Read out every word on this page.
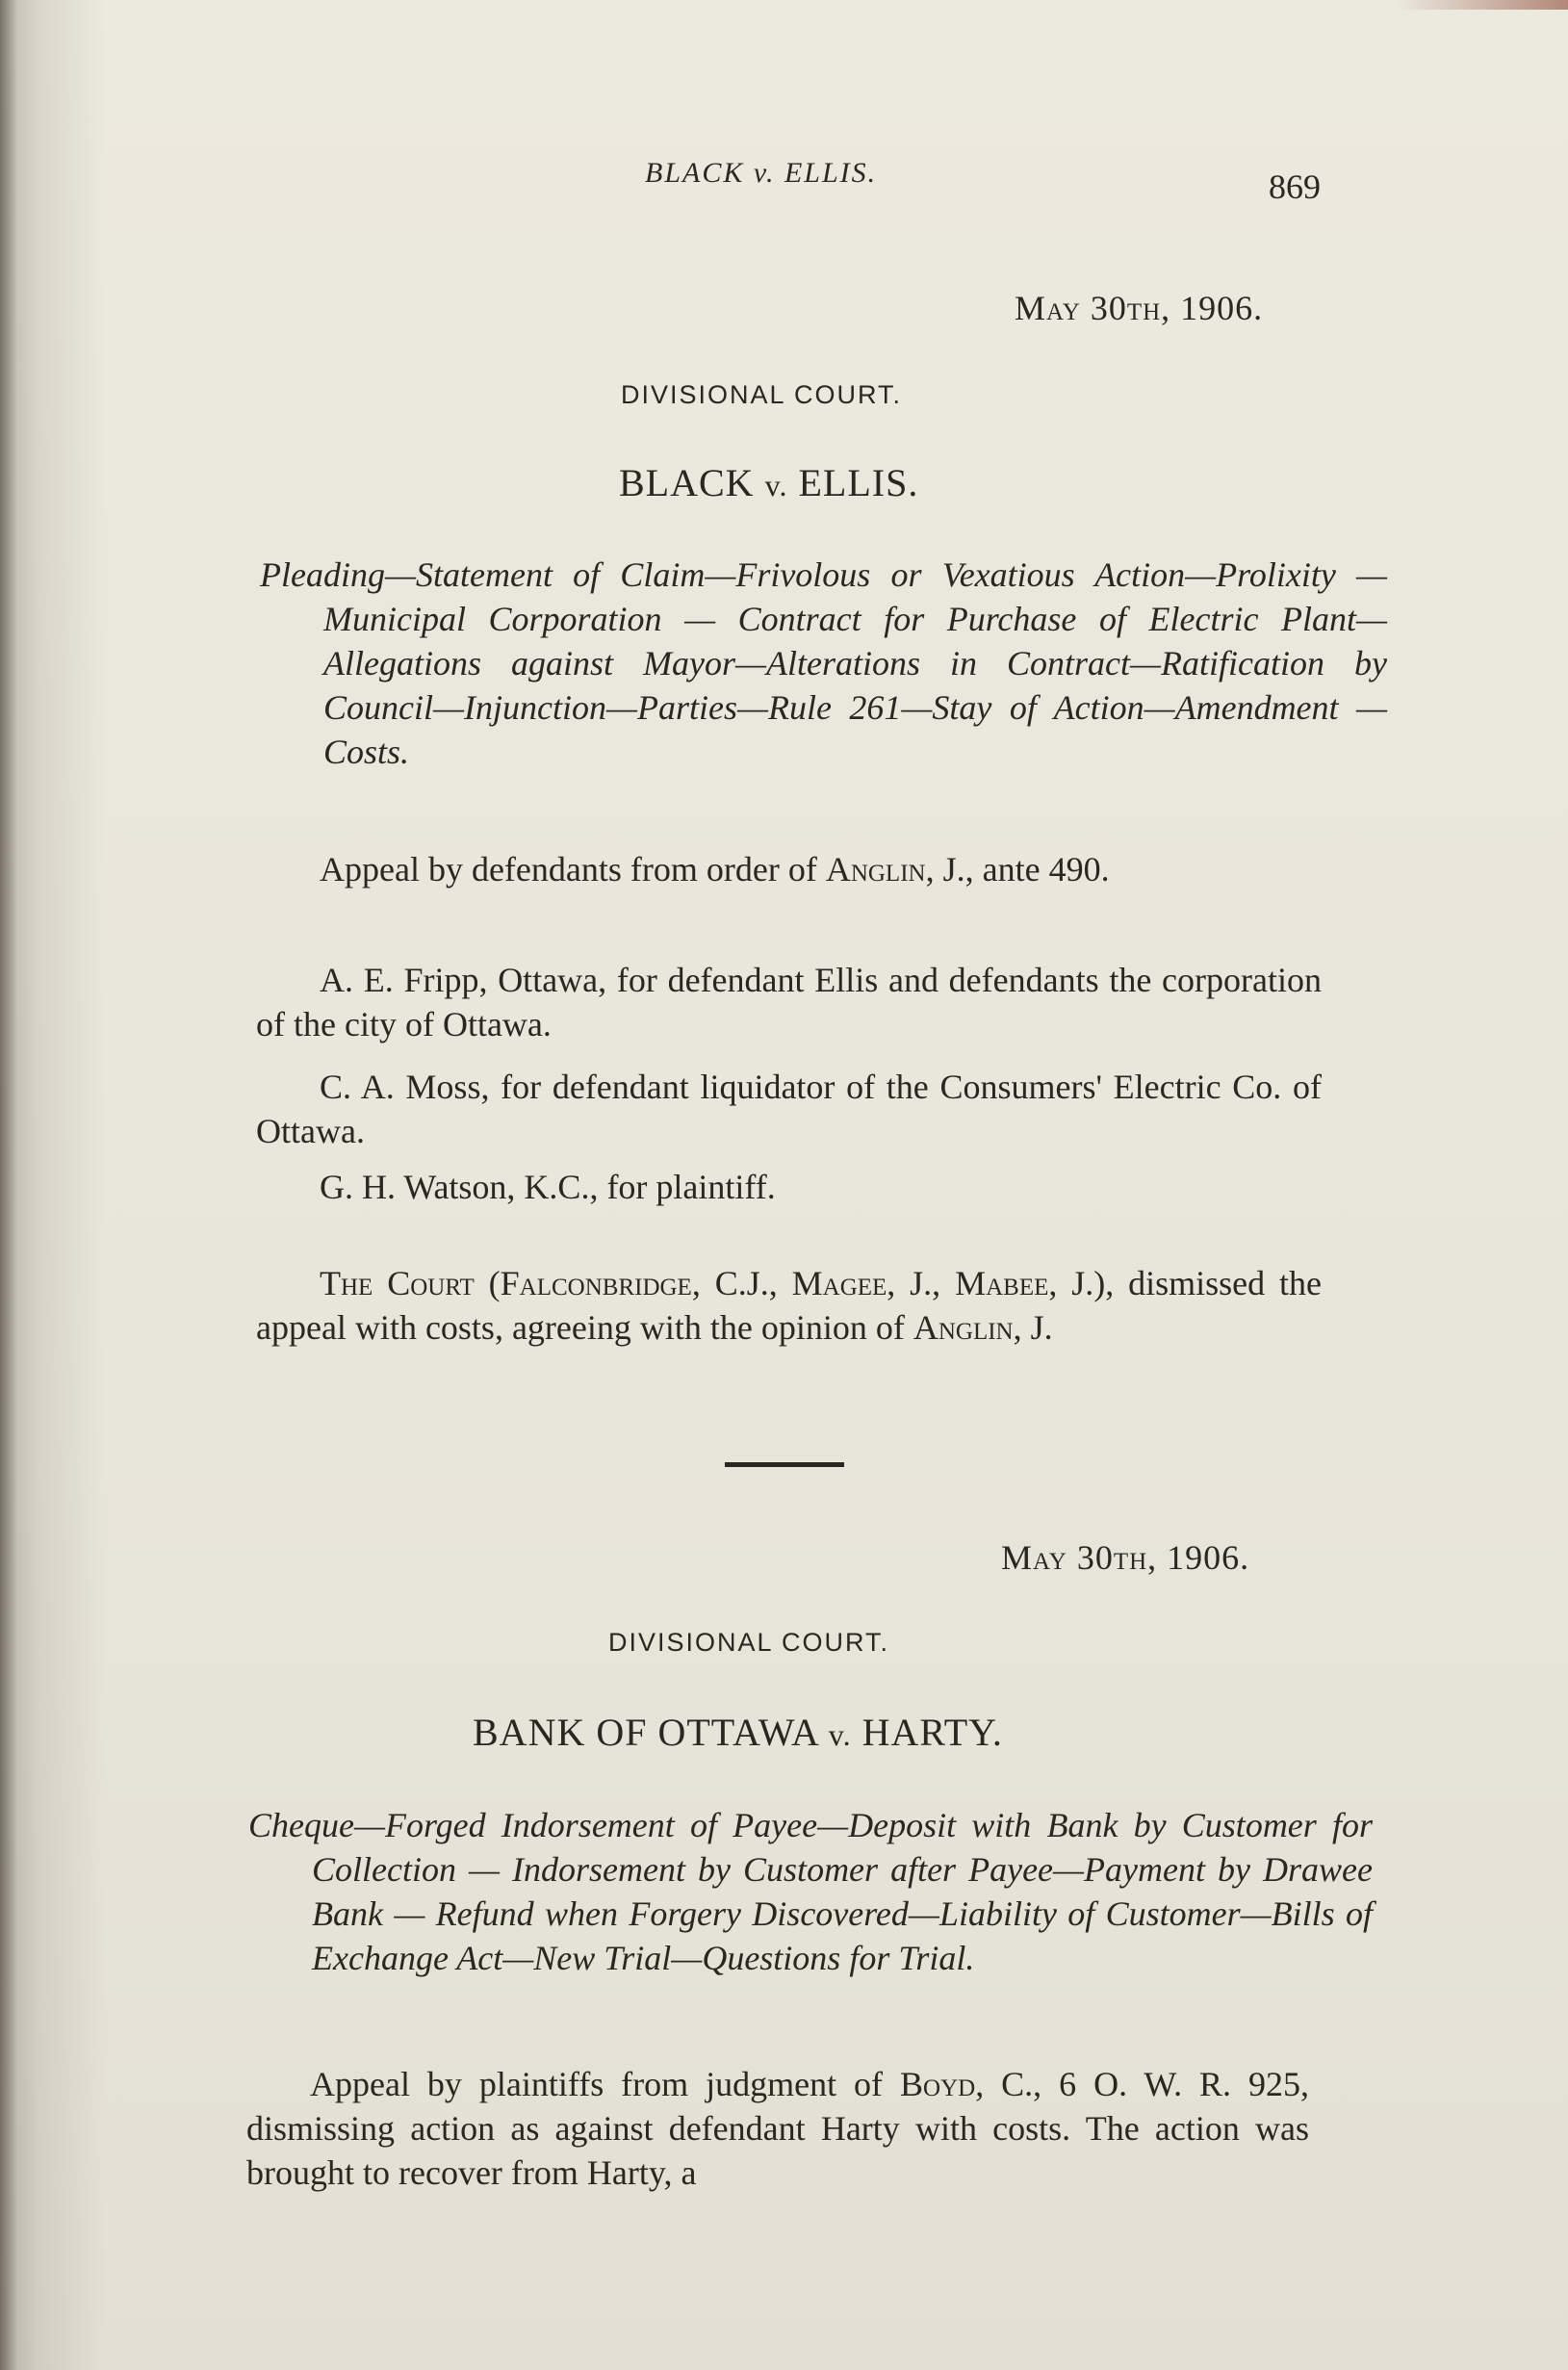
BLACK v. ELLIS.	869
May 30th, 1906.
DIVISIONAL COURT.
BLACK v. ELLIS.
Pleading—Statement of Claim—Frivolous or Vexatious Action—Prolixity — Municipal Corporation — Contract for Purchase of Electric Plant—Allegations against Mayor—Alterations in Contract—Ratification by Council—Injunction—Parties—Rule 261—Stay of Action—Amendment —Costs.
Appeal by defendants from order of Anglin, J., ante 490.
A. E. Fripp, Ottawa, for defendant Ellis and defendants the corporation of the city of Ottawa.
C. A. Moss, for defendant liquidator of the Consumers' Electric Co. of Ottawa.
G. H. Watson, K.C., for plaintiff.
The Court (Falconbridge, C.J., Magee, J., Mabee, J.), dismissed the appeal with costs, agreeing with the opinion of Anglin, J.
May 30th, 1906.
DIVISIONAL COURT.
BANK OF OTTAWA v. HARTY.
Cheque—Forged Indorsement of Payee—Deposit with Bank by Customer for Collection — Indorsement by Customer after Payee—Payment by Drawee Bank — Refund when Forgery Discovered—Liability of Customer—Bills of Exchange Act—New Trial—Questions for Trial.
Appeal by plaintiffs from judgment of Boyd, C., 6 O. W. R. 925, dismissing action as against defendant Harty with costs. The action was brought to recover from Harty, a
